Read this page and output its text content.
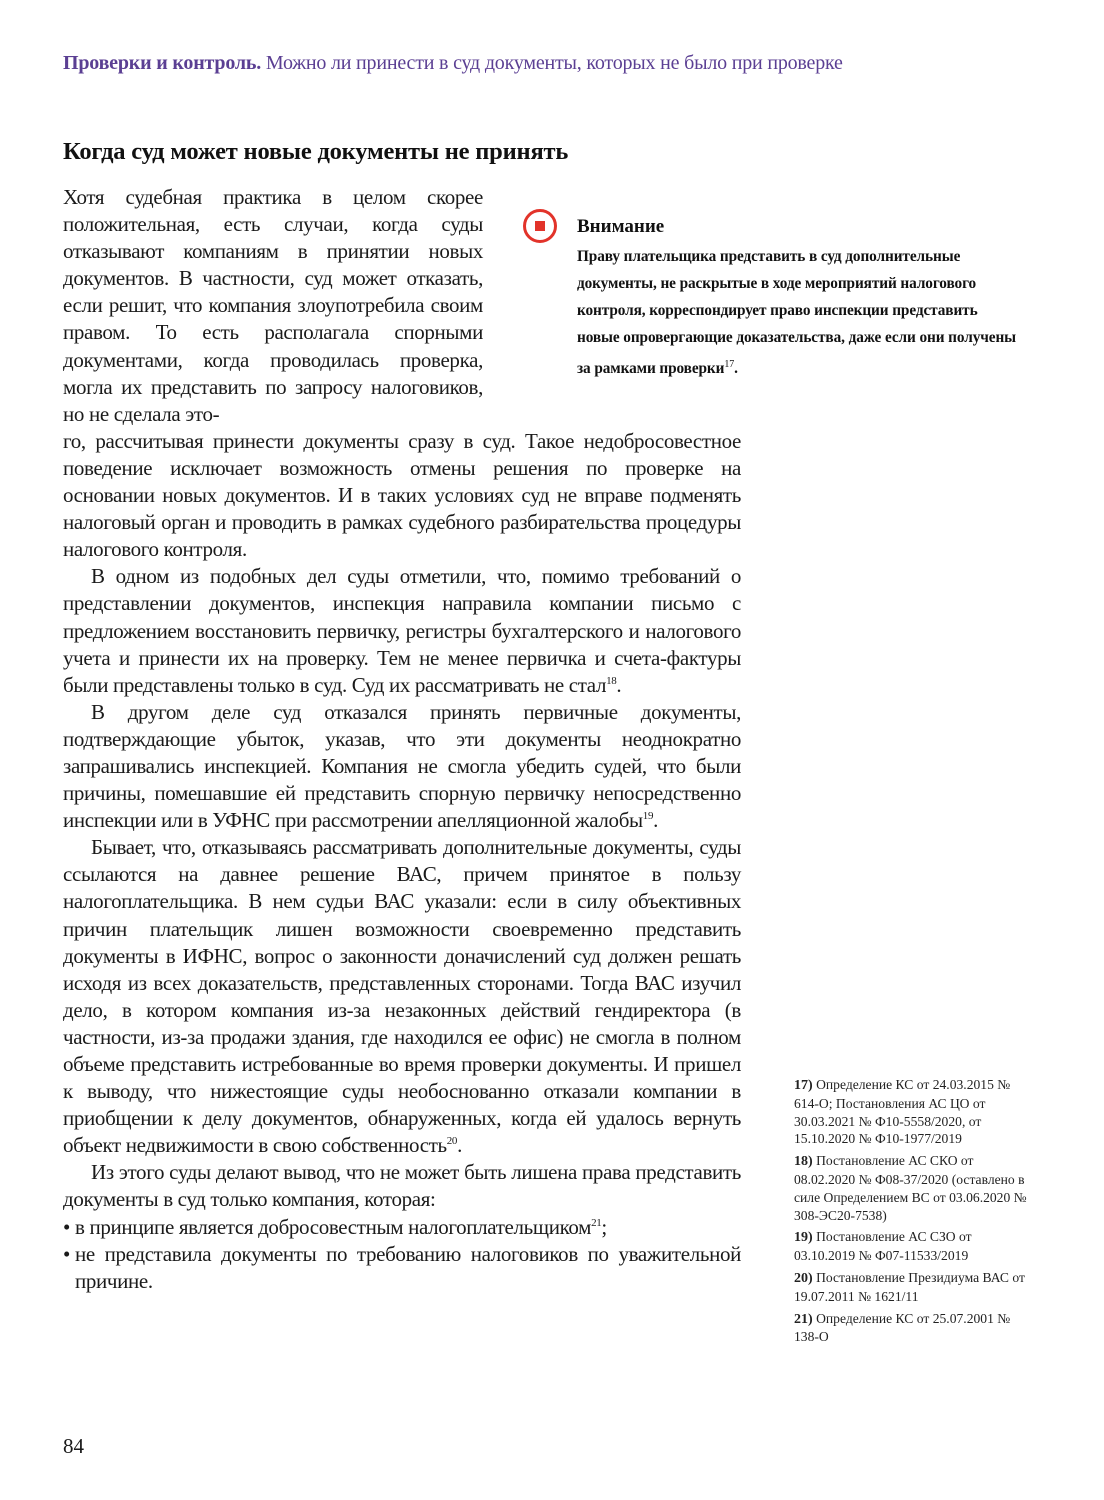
Проверки и контроль. Можно ли принести в суд документы, которых не было при проверке
Когда суд может новые документы не принять
Внимание
Праву плательщика представить в суд дополнительные документы, не раскрытые в ходе мероприятий налогового контроля, корреспондирует право инспекции представить новые опровергающие доказательства, даже если они получены за рамками проверки$^{17}$.

Хотя судебная практика в целом скорее положительная, есть случаи, когда суды отказывают компаниям в принятии новых документов. В частности, суд может отказать, если решит, что компания злоупотребила своим правом. То есть располагала спорными документами, когда проводилась проверка, могла их представить по запросу налоговиков, но не сделала это-

го, рассчитывая принести документы сразу в суд. Такое недобросовестное поведение исключает возможность отмены решения по проверке на основании новых документов. И в таких условиях суд не вправе подменять налоговый орган и проводить в рамках судебного разбирательства процедуры налогового контроля.

В одном из подобных дел суды отметили, что, помимо требований о представлении документов, инспекция направила компании письмо с предложением восстановить первичку, регистры бухгалтерского и налогового учета и принести их на проверку. Тем не менее первичка и счета-фактуры были представлены только в суд. Суд их рассматривать не стал$^{18}$.

В другом деле суд отказался принять первичные документы, подтверждающие убыток, указав, что эти документы неоднократно запрашивались инспекцией. Компания не смогла убедить судей, что были причины, помешавшие ей представить спорную первичку непосредственно инспекции или в УФНС при рассмотрении апелляционной жалобы$^{19}$.

Бывает, что, отказываясь рассматривать дополнительные документы, суды ссылаются на давнее решение ВАС, причем принятое в пользу налогоплательщика. В нем судьи ВАС указали: если в силу объективных причин плательщик лишен возможности своевременно представить документы в ИФНС, вопрос о законности доначислений суд должен решать исходя из всех доказательств, представленных сторонами. Тогда ВАС изучил дело, в котором компания из-за незаконных действий гендиректора (в частности, из-за продажи здания, где находился ее офис) не смогла в полном объеме представить истребованные во время проверки документы. И пришел к выводу, что нижестоящие суды необоснованно отказали компании в приобщении к делу документов, обнаруженных, когда ей удалось вернуть объект недвижимости в свою собственность$^{20}$.

Из этого суды делают вывод, что не может быть лишена права представить документы в суд только компания, которая:

• в принципе является добросовестным налогоплательщиком$^{21}$;
• не представила документы по требованию налоговиков по уважительной причине.

17) Определение КС от 24.03.2015 № 614-О; Постановления АС ЦО от 30.03.2021 № Ф10-5558/2020, от 15.10.2020 № Ф10-1977/2019

18) Постановление АС СКО от 08.02.2020 № Ф08-37/2020 (оставлено в силе Определением ВС от 03.06.2020 № 308-ЭС20-7538)

19) Постановление АС СЗО от 03.10.2019 № Ф07-11533/2019

20) Постановление Президиума ВАС от 19.07.2011 № 1621/11

21) Определение КС от 25.07.2001 № 138-О

84
